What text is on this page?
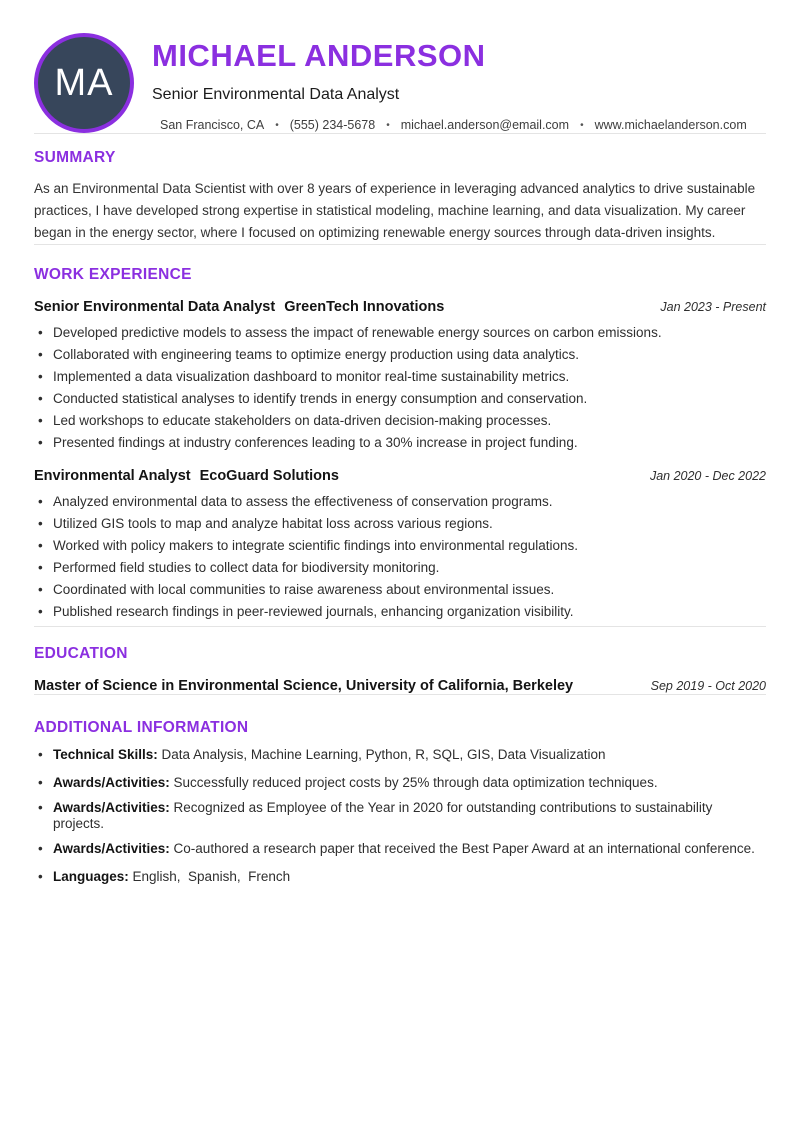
MA
MICHAEL ANDERSON
Senior Environmental Data Analyst
San Francisco, CA • (555) 234-5678 • michael.anderson@email.com • www.michaelanderson.com
SUMMARY

As an Environmental Data Scientist with over 8 years of experience in leveraging advanced analytics to drive sustainable practices, I have developed strong expertise in statistical modeling, machine learning, and data visualization. My career began in the energy sector, where I focused on optimizing renewable energy sources through data-driven insights.

WORK EXPERIENCE
Senior Environmental Data Analyst GreenTech Innovations	Jan 2023 - Present
• Developed predictive models to assess the impact of renewable energy sources on carbon emissions.
• Collaborated with engineering teams to optimize energy production using data analytics.
• Implemented a data visualization dashboard to monitor real-time sustainability metrics.
• Conducted statistical analyses to identify trends in energy consumption and conservation.
• Led workshops to educate stakeholders on data-driven decision-making processes.
• Presented findings at industry conferences leading to a 30% increase in project funding.
Environmental Analyst EcoGuard Solutions	Jan 2020 - Dec 2022
• Analyzed environmental data to assess the effectiveness of conservation programs.
• Utilized GIS tools to map and analyze habitat loss across various regions.
• Worked with policy makers to integrate scientific findings into environmental regulations.
• Performed field studies to collect data for biodiversity monitoring.
• Coordinated with local communities to raise awareness about environmental issues.
• Published research findings in peer-reviewed journals, enhancing organization visibility.
EDUCATION
Master of Science in Environmental Science, University of California, Berkeley	Sep 2019 - Oct 2020
ADDITIONAL INFORMATION
• Technical Skills: Data Analysis, Machine Learning, Python, R, SQL, GIS, Data Visualization
• Awards/Activities: Successfully reduced project costs by 25% through data optimization techniques.
• Awards/Activities: Recognized as Employee of the Year in 2020 for outstanding contributions to sustainability projects.
• Awards/Activities: Co-authored a research paper that received the Best Paper Award at an international conference.
• Languages: English,  Spanish,  French
